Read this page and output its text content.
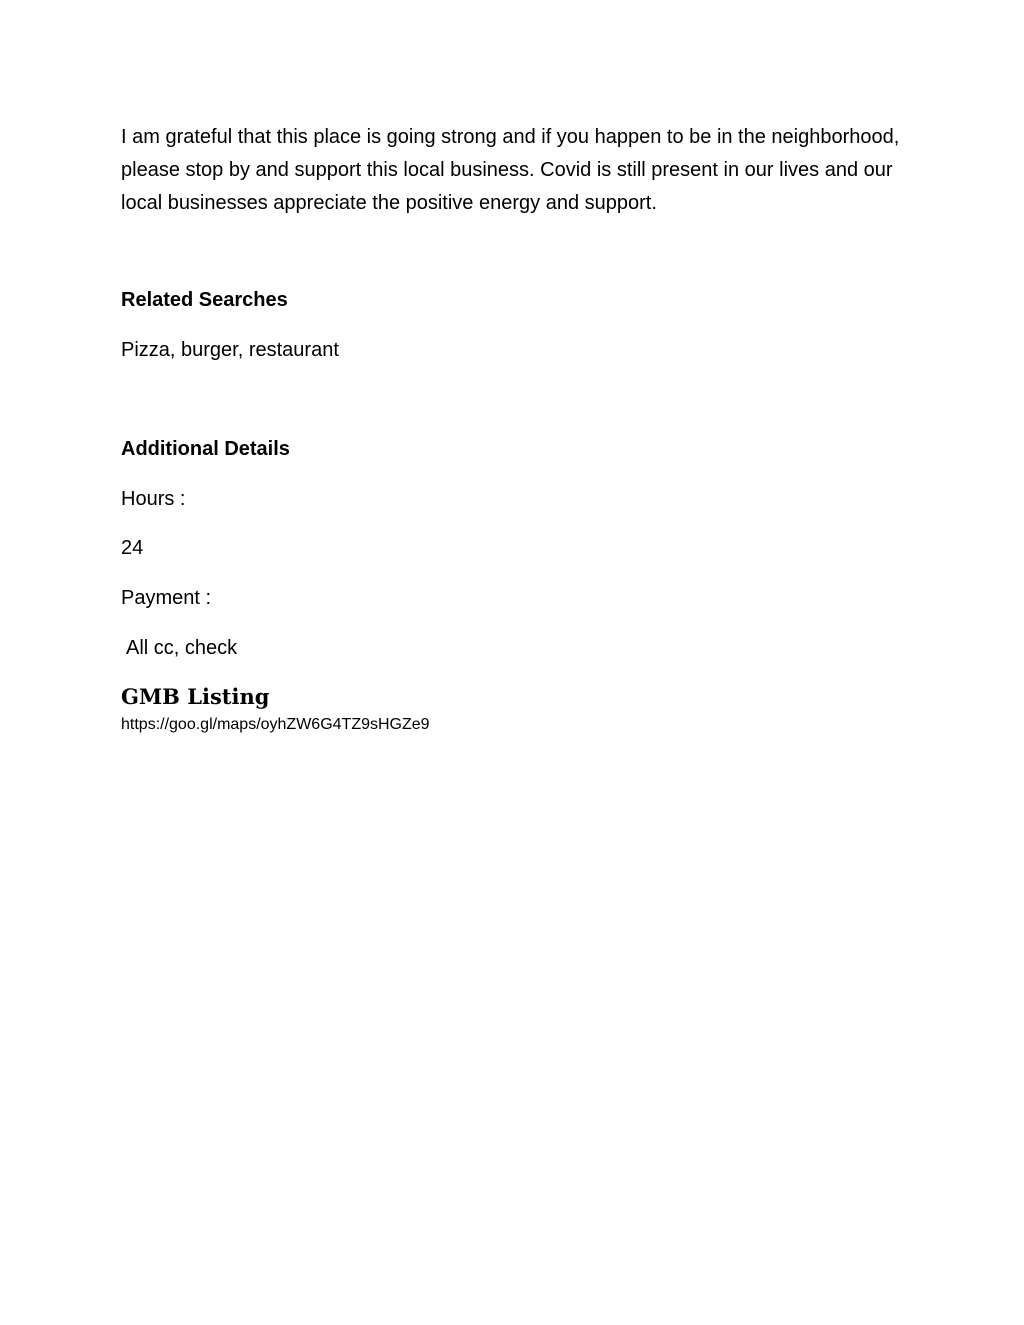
I am grateful that this place is going strong and if you happen to be in the neighborhood, please stop by and support this local business. Covid is still present in our lives and our local businesses appreciate the positive energy and support.

Related Searches
Pizza, burger, restaurant
Additional Details
Hours :
24
Payment :
All cc, check
GMB Listing
https://goo.gl/maps/oyhZW6G4TZ9sHGZe9
